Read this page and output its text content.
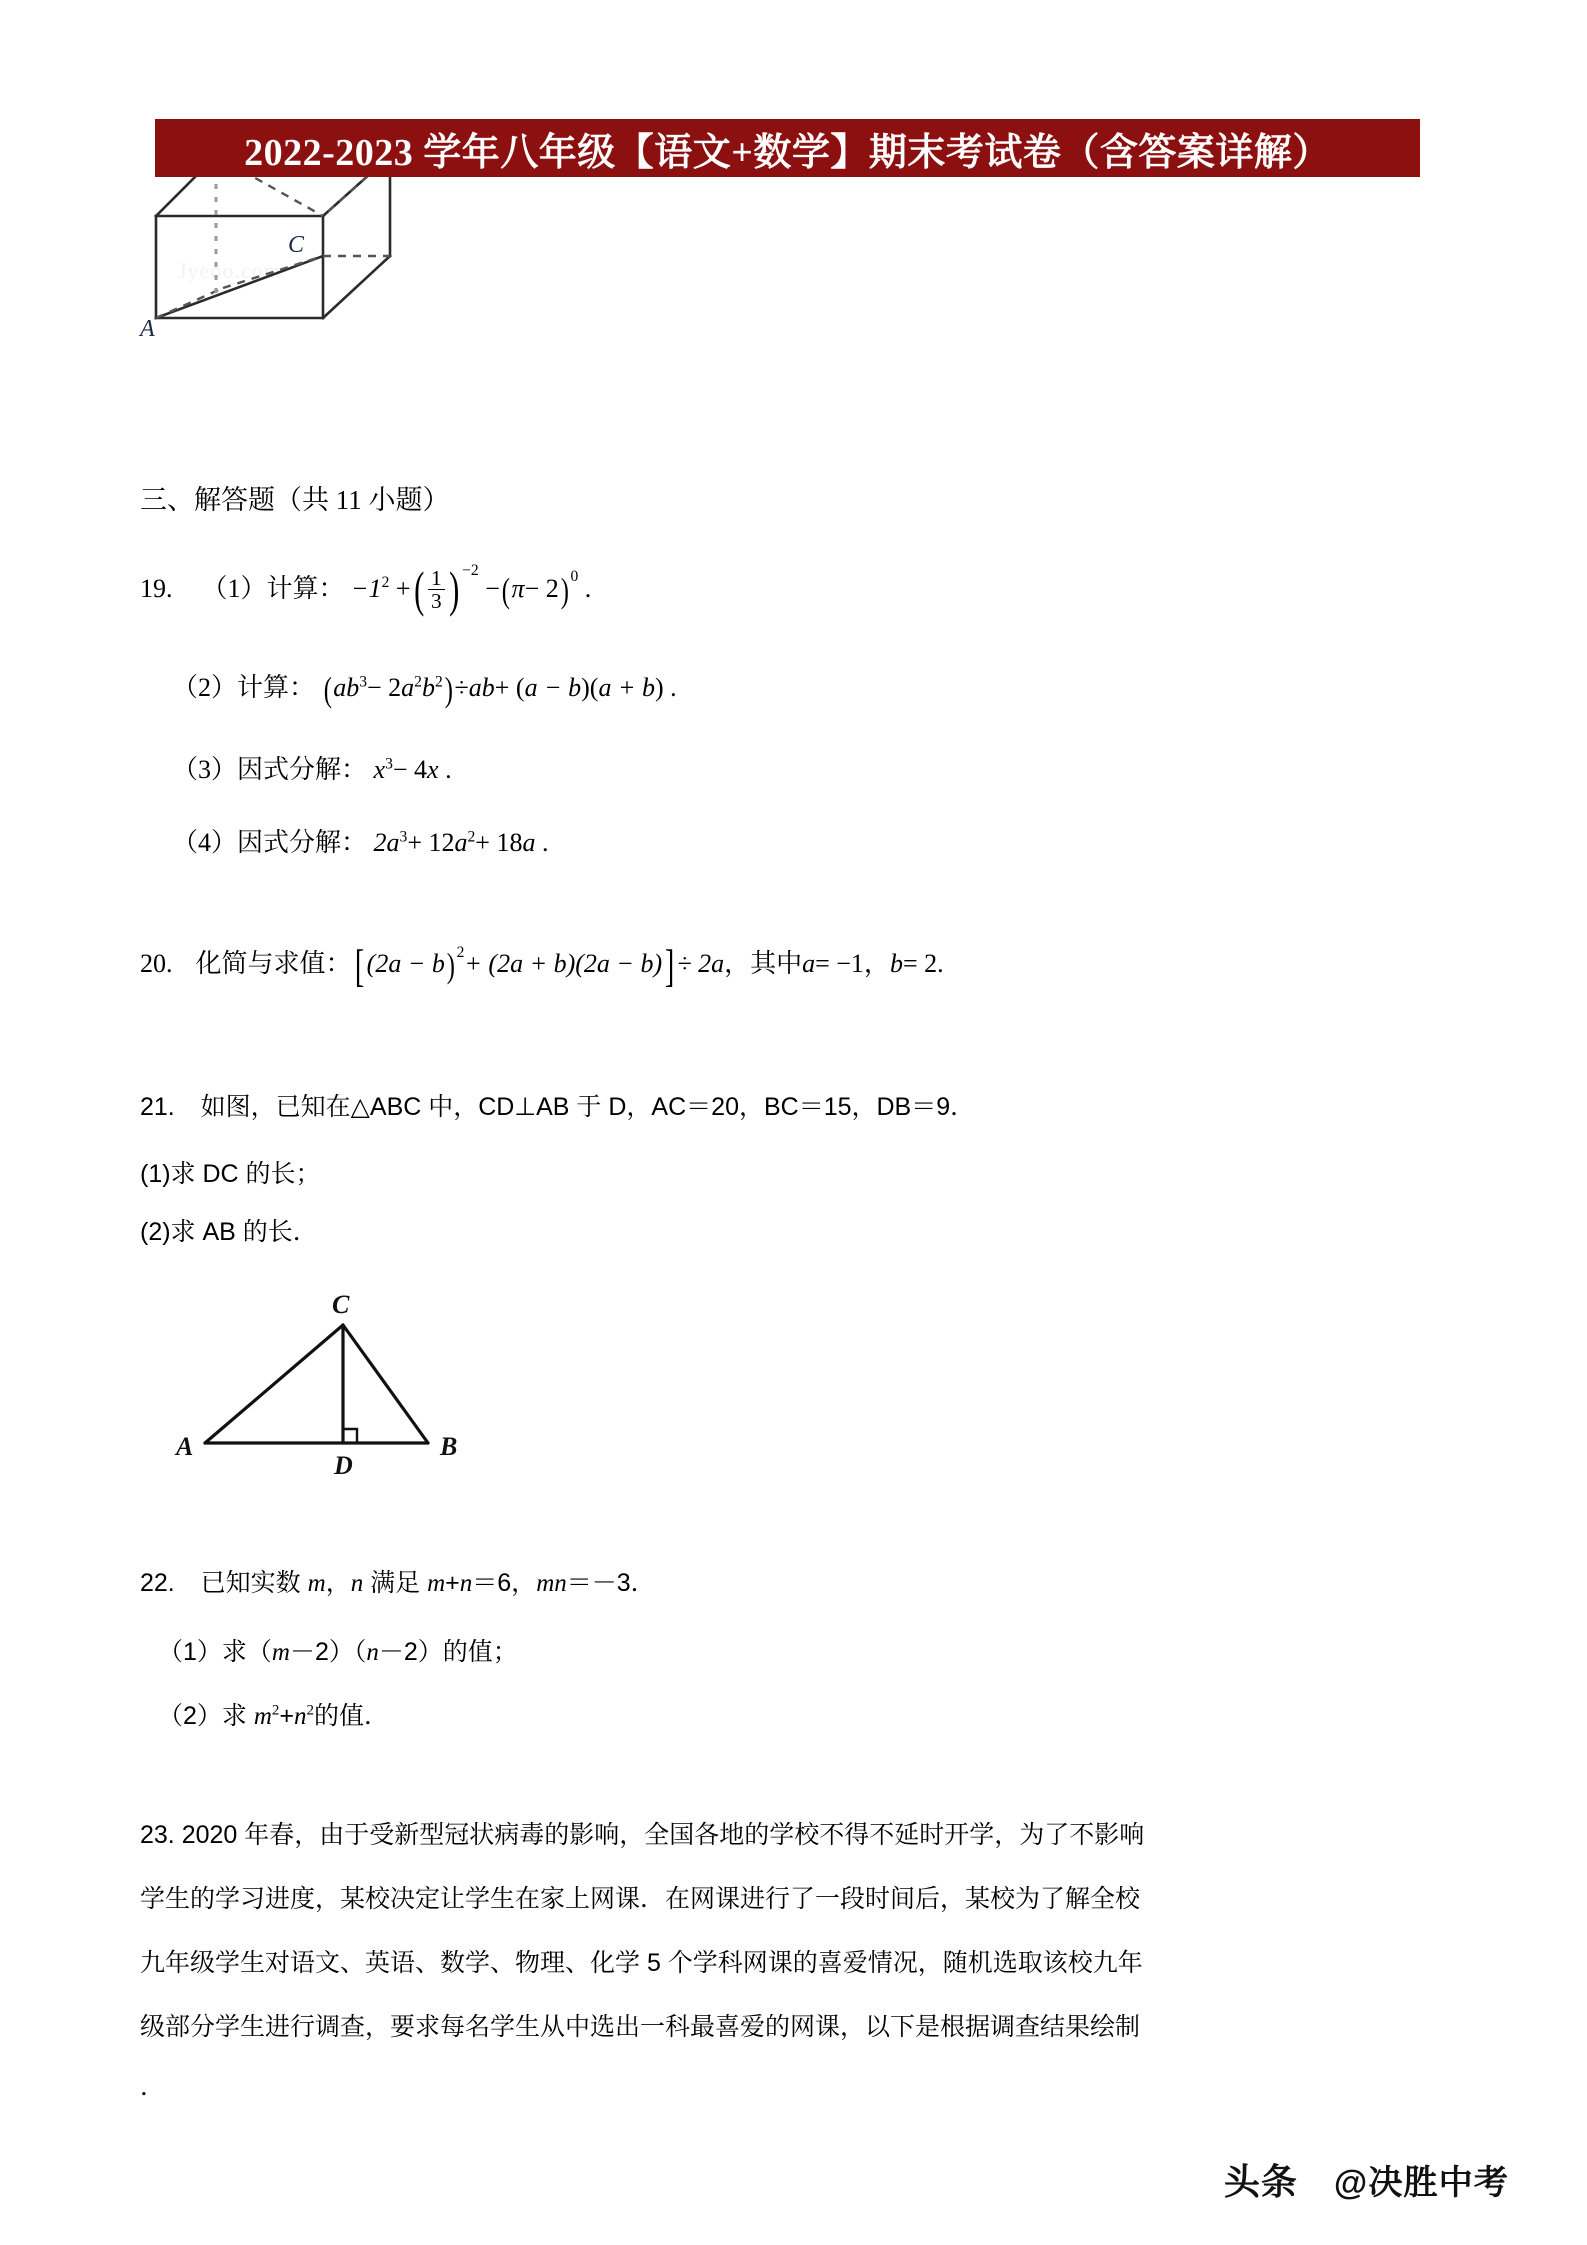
C
A
Jyeoo.com
2022-2023 学年八年级【语文+数学】期末考试卷（含答案详解）
三、解答题（共 11 小题）
19. （1）计算： $-1^2$ +( $\frac{1}{3}$ ) $^{-2}$ −(π− 2) $^0$ .
（2）计算： $(ab^3- 2a^2b^2)\div ab+ (a - b)(a + b)$ .
（3）因式分解： $x^3- 4x$ .
（4）因式分解： $2a^3+ 12a^2+ 18a$ .
20. 化简与求值：[ (2a − b) $^2$+ (2a + b)(2a − b)] ÷ 2a，其中a= −1，b= 2.
21. 如图，已知在△ABC 中，CD⊥AB 于 D，AC＝20，BC＝15，DB＝9．
(1)求 DC 的长；
(2)求 AB 的长．
C
A
D
B
22. 已知实数 m，n 满足 m+n＝6，mn＝－3．
（1）求（m－2）（n－2）的值；
（2）求 $m^2+n^2$的值．
23. 2020 年春，由于受新型冠状病毒的影响，全国各地的学校不得不延时开学，为了不影响
学生的学习进度，某校决定让学生在家上网课．在网课进行了一段时间后，某校为了解全校
九年级学生对语文、英语、数学、物理、化学 5 个学科网课的喜爱情况，随机选取该校九年
级部分学生进行调查，要求每名学生从中选出一科最喜爱的网课，以下是根据调查结果绘制
．
头条 @决胜中考
